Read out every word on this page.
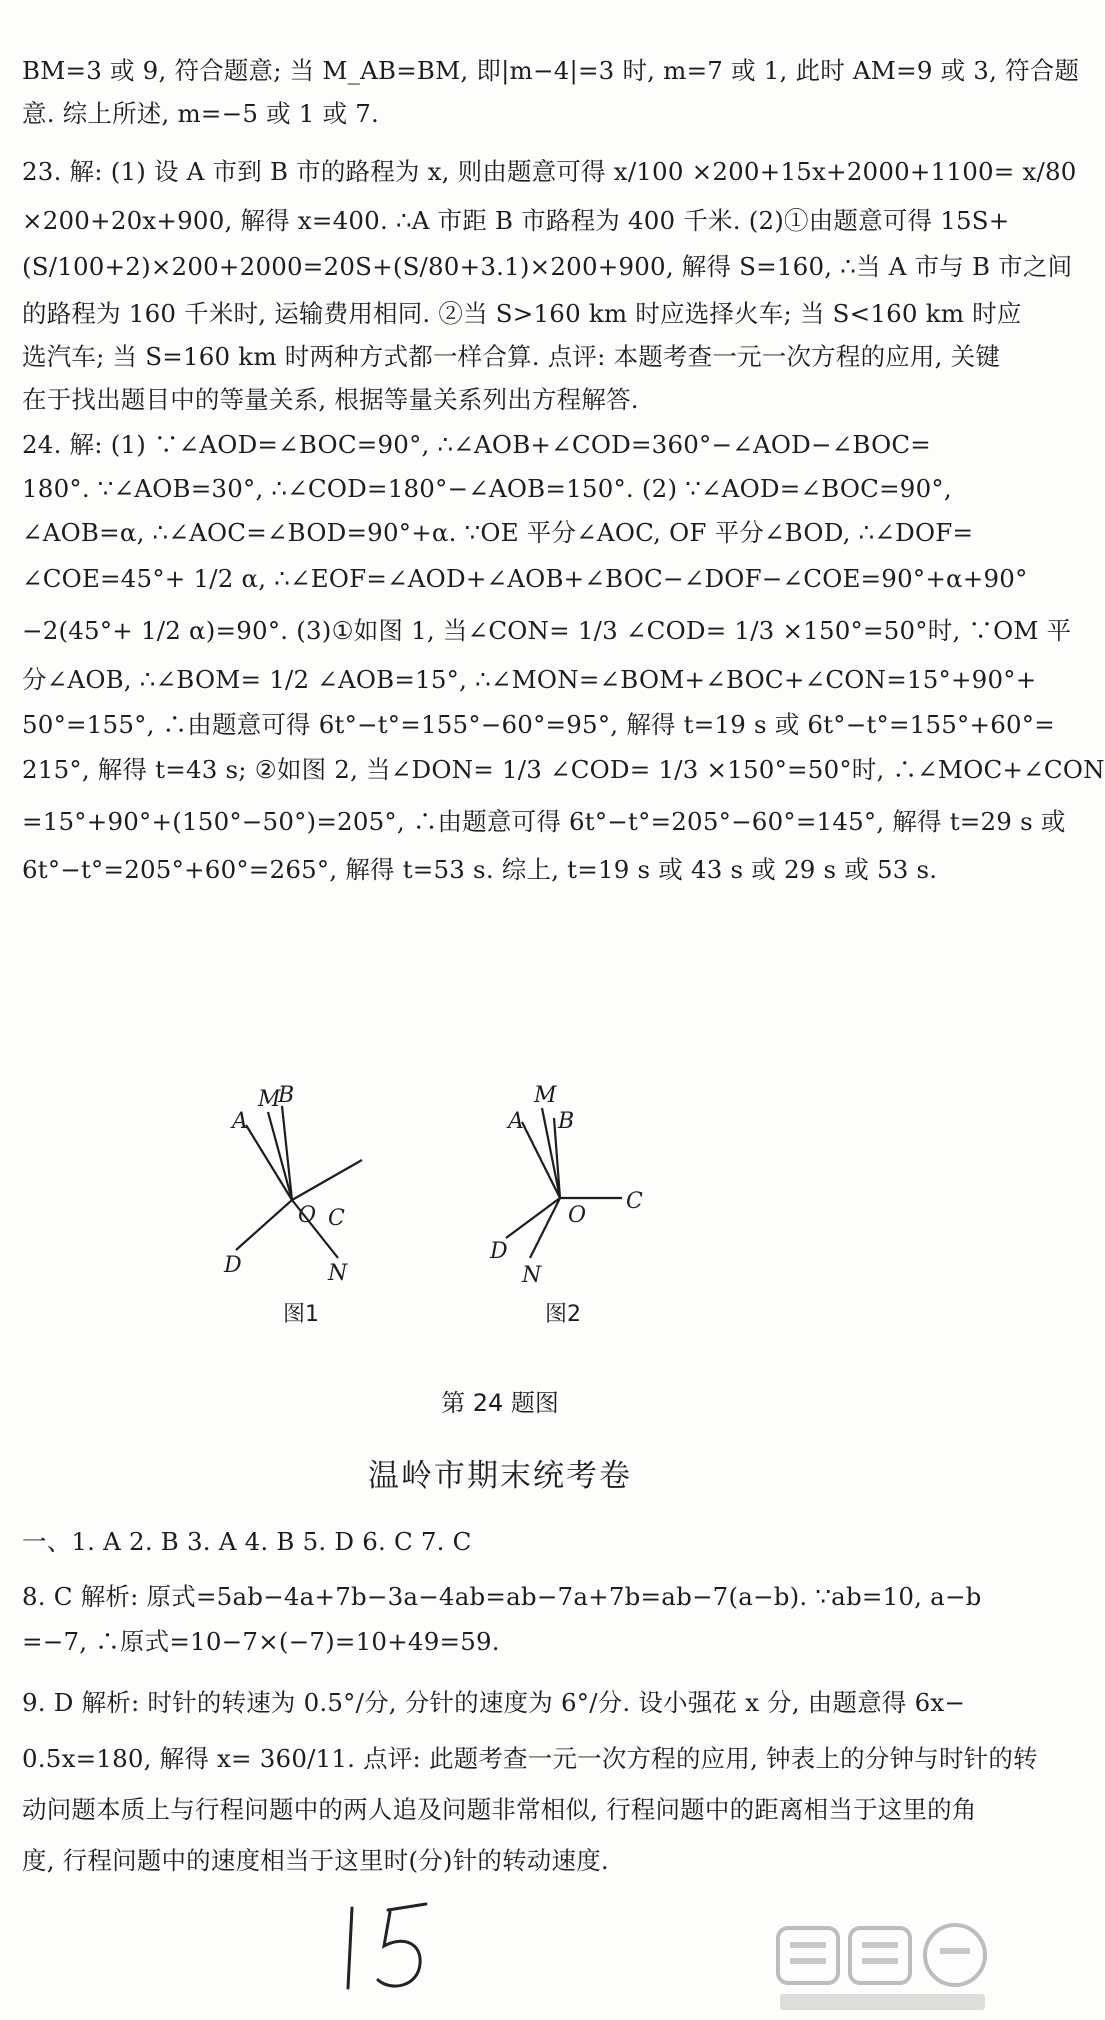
BM=3 或 9, 符合题意; 当 M_AB=BM, 即|m−4|=3 时, m=7 或 1, 此时 AM=9 或 3, 符合题
意. 综上所述, m=−5 或 1 或 7.
23. 解: (1) 设 A 市到 B 市的路程为 x, 则由题意可得 x/100 ×200+15x+2000+1100= x/80
×200+20x+900, 解得 x=400. ∴A 市距 B 市路程为 400 千米. (2)①由题意可得 15S+
(S/100+2)×200+2000=20S+(S/80+3.1)×200+900, 解得 S=160, ∴当 A 市与 B 市之间
的路程为 160 千米时, 运输费用相同. ②当 S>160 km 时应选择火车; 当 S<160 km 时应
选汽车; 当 S=160 km 时两种方式都一样合算. 点评: 本题考查一元一次方程的应用, 关键
在于找出题目中的等量关系, 根据等量关系列出方程解答.
24. 解: (1) ∵∠AOD=∠BOC=90°, ∴∠AOB+∠COD=360°−∠AOD−∠BOC=
180°. ∵∠AOB=30°, ∴∠COD=180°−∠AOB=150°. (2) ∵∠AOD=∠BOC=90°,
∠AOB=α, ∴∠AOC=∠BOD=90°+α. ∵OE 平分∠AOC, OF 平分∠BOD, ∴∠DOF=
∠COE=45°+ 1/2 α, ∴∠EOF=∠AOD+∠AOB+∠BOC−∠DOF−∠COE=90°+α+90°
−2(45°+ 1/2 α)=90°. (3)①如图 1, 当∠CON= 1/3 ∠COD= 1/3 ×150°=50°时, ∵OM 平
分∠AOB, ∴∠BOM= 1/2 ∠AOB=15°, ∴∠MON=∠BOM+∠BOC+∠CON=15°+90°+
50°=155°, ∴由题意可得 6t°−t°=155°−60°=95°, 解得 t=19 s 或 6t°−t°=155°+60°=
215°, 解得 t=43 s; ②如图 2, 当∠DON= 1/3 ∠COD= 1/3 ×150°=50°时, ∴∠MOC+∠CON
=15°+90°+(150°−50°)=205°, ∴由题意可得 6t°−t°=205°−60°=145°, 解得 t=29 s 或
6t°−t°=205°+60°=265°, 解得 t=53 s. 综上, t=19 s 或 43 s 或 29 s 或 53 s.
M
B
A
O C
D	N
图1
M
B
A
O
C
D
N
图2
第 24 题图
温岭市期末统考卷
一、1. A 2. B 3. A 4. B 5. D 6. C 7. C
8. C 解析: 原式=5ab−4a+7b−3a−4ab=ab−7a+7b=ab−7(a−b). ∵ab=10, a−b
=−7, ∴原式=10−7×(−7)=10+49=59.
9. D 解析: 时针的转速为 0.5°/分, 分针的速度为 6°/分. 设小强花 x 分, 由题意得 6x−
0.5x=180, 解得 x= 360/11. 点评: 此题考查一元一次方程的应用, 钟表上的分钟与时针的转
动问题本质上与行程问题中的两人追及问题非常相似, 行程问题中的距离相当于这里的角
度, 行程问题中的速度相当于这里时(分)针的转动速度.
